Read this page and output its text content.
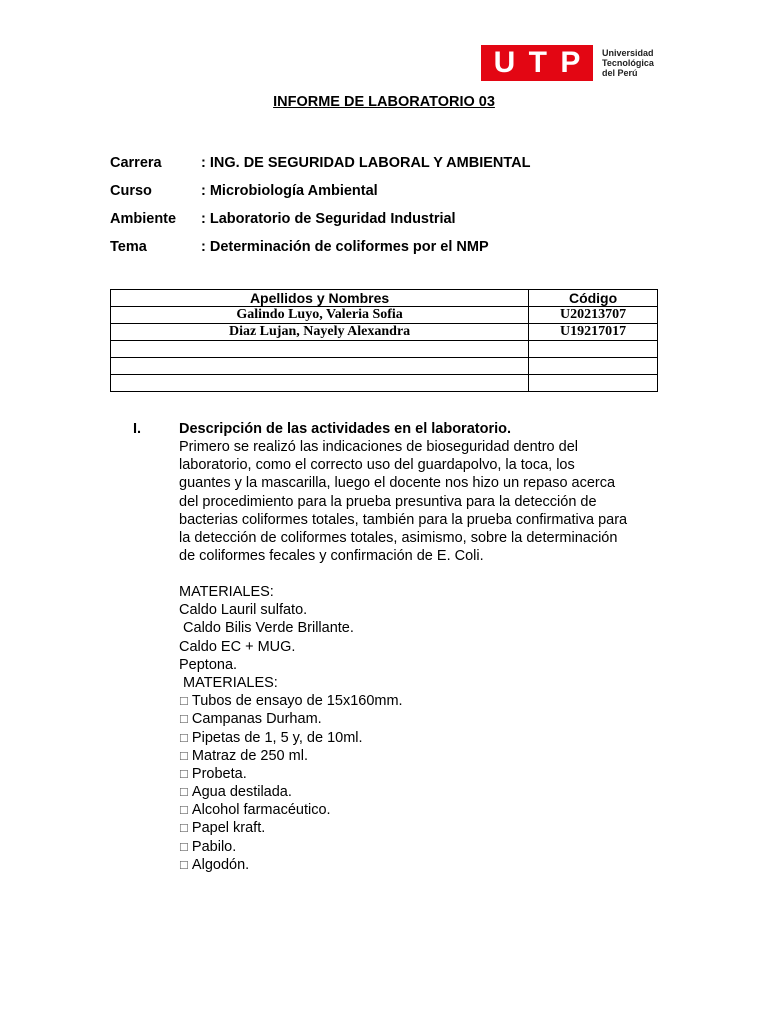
U T P Universidad
Tecnológica
del Perú
INFORME DE LABORATORIO 03
Carrera	: ING. DE SEGURIDAD LABORAL Y AMBIENTAL
Curso	: Microbiología Ambiental
Ambiente	: Laboratorio de Seguridad Industrial
Tema	: Determinación de coliformes por el NMP
Apellidos y Nombres	Código
Galindo Luyo, Valeria Sofia	U20213707
Diaz Lujan, Nayely Alexandra	U19217017

I.	Descripción de las actividades en el laboratorio.
Primero se realizó las indicaciones de bioseguridad dentro del
laboratorio, como el correcto uso del guardapolvo, la toca, los
guantes y la mascarilla, luego el docente nos hizo un repaso acerca
del procedimiento para la prueba presuntiva para la detección de
bacterias coliformes totales, también para la prueba confirmativa para
la detección de coliformes totales, asimismo, sobre la determinación
de coliformes fecales y confirmación de E. Coli.
MATERIALES:
Caldo Lauril sulfato.
Caldo Bilis Verde Brillante.
Caldo EC + MUG.
Peptona.
MATERIALES:
☐ Tubos de ensayo de 15x160mm.
☐ Campanas Durham.
☐ Pipetas de 1, 5 y, de 10ml.
☐ Matraz de 250 ml.
☐ Probeta.
☐ Agua destilada.
☐ Alcohol farmacéutico.
☐ Papel kraft.
☐ Pabilo.
☐ Algodón.
